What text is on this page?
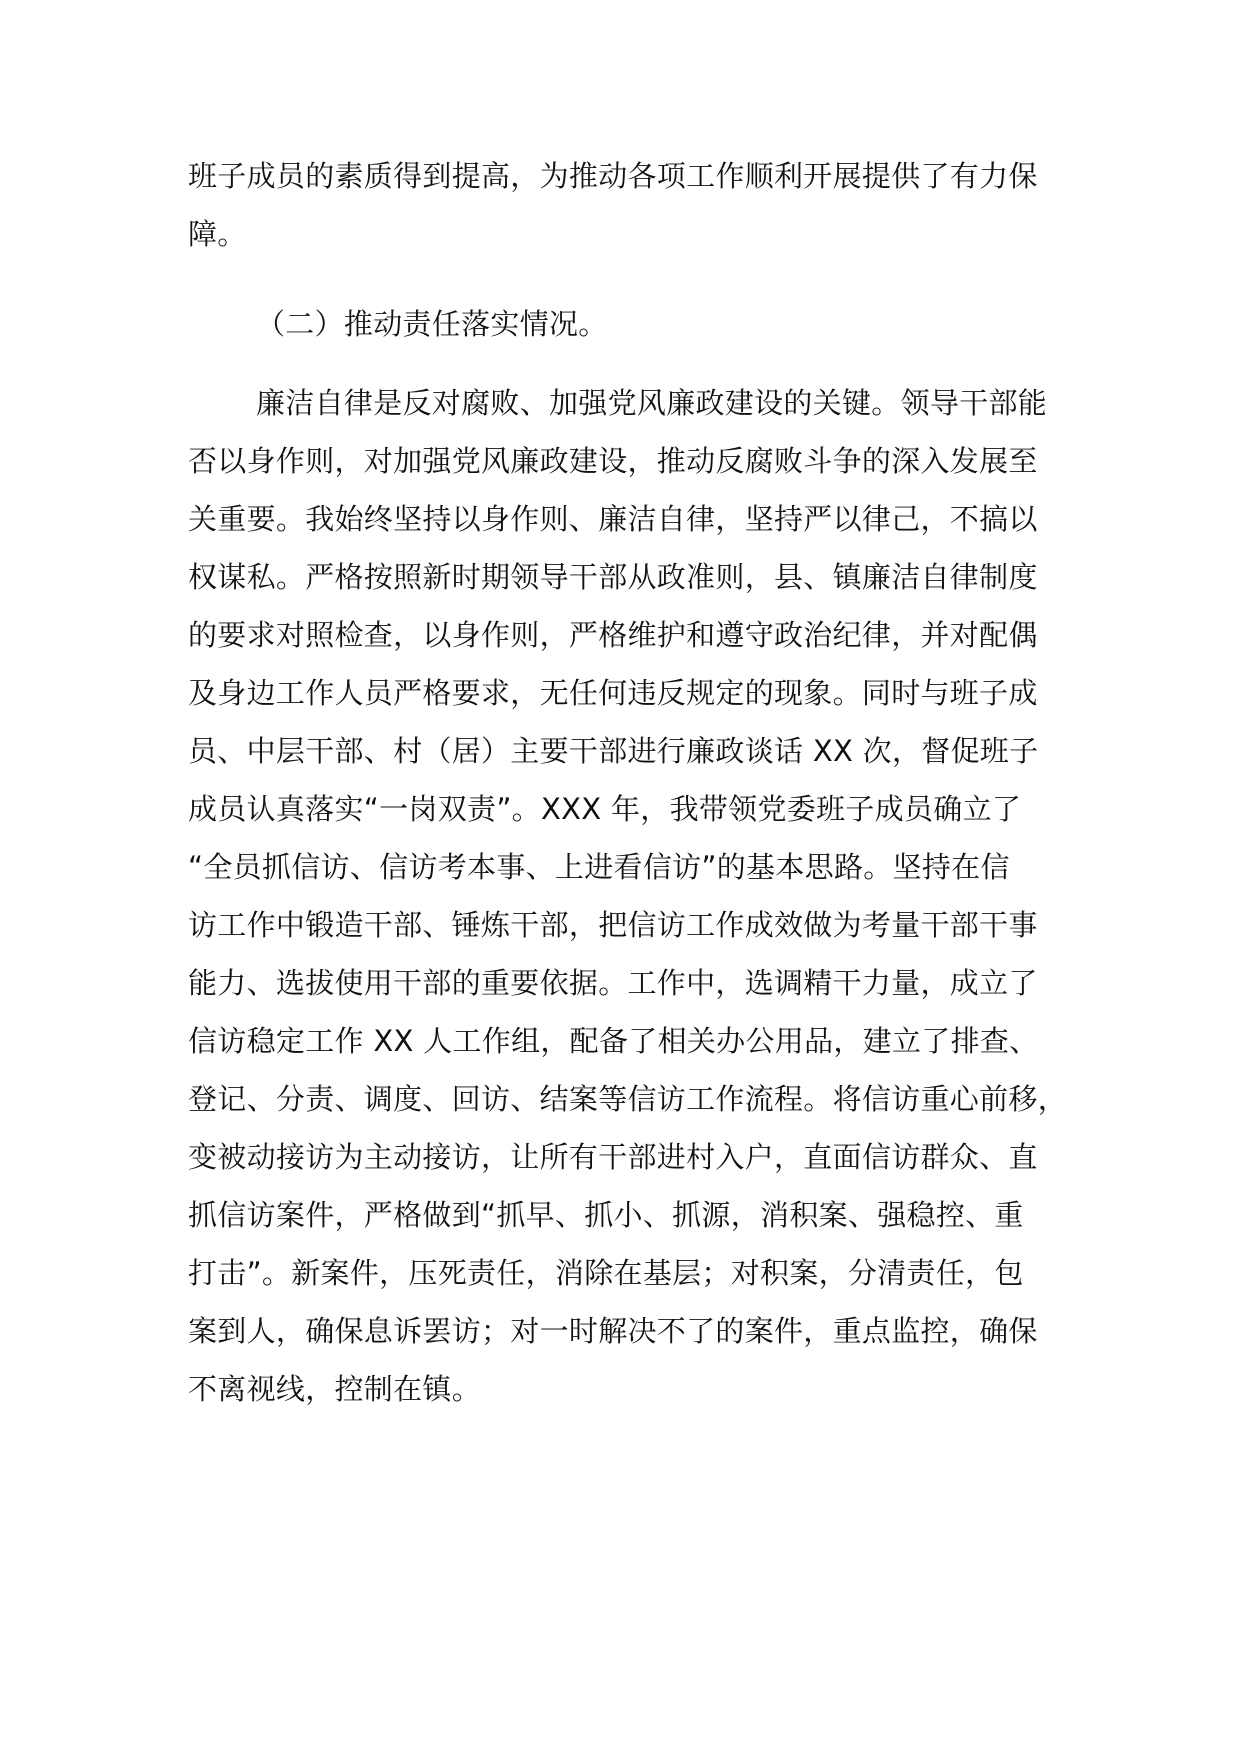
班子成员的素质得到提高，为推动各项工作顺利开展提供了有力保
障。
（二）推动责任落实情况。
廉洁自律是反对腐败、加强党风廉政建设的关键。领导干部能
否以身作则，对加强党风廉政建设，推动反腐败斗争的深入发展至
关重要。我始终坚持以身作则、廉洁自律，坚持严以律己，不搞以
权谋私。严格按照新时期领导干部从政准则，县、镇廉洁自律制度
的要求对照检查，以身作则，严格维护和遵守政治纪律，并对配偶
及身边工作人员严格要求，无任何违反规定的现象。同时与班子成
员、中层干部、村（居）主要干部进行廉政谈话 XX 次，督促班子
成员认真落实“一岗双责”。XXX 年，我带领党委班子成员确立了
“全员抓信访、信访考本事、上进看信访”的基本思路。坚持在信
访工作中锻造干部、锤炼干部，把信访工作成效做为考量干部干事
能力、选拔使用干部的重要依据。工作中，选调精干力量，成立了
信访稳定工作 XX 人工作组，配备了相关办公用品，建立了排查、
登记、分责、调度、回访、结案等信访工作流程。将信访重心前移，
变被动接访为主动接访，让所有干部进村入户，直面信访群众、直
抓信访案件，严格做到“抓早、抓小、抓源，消积案、强稳控、重
打击”。新案件，压死责任，消除在基层；对积案，分清责任，包
案到人，确保息诉罢访；对一时解决不了的案件，重点监控，确保
不离视线，控制在镇。
